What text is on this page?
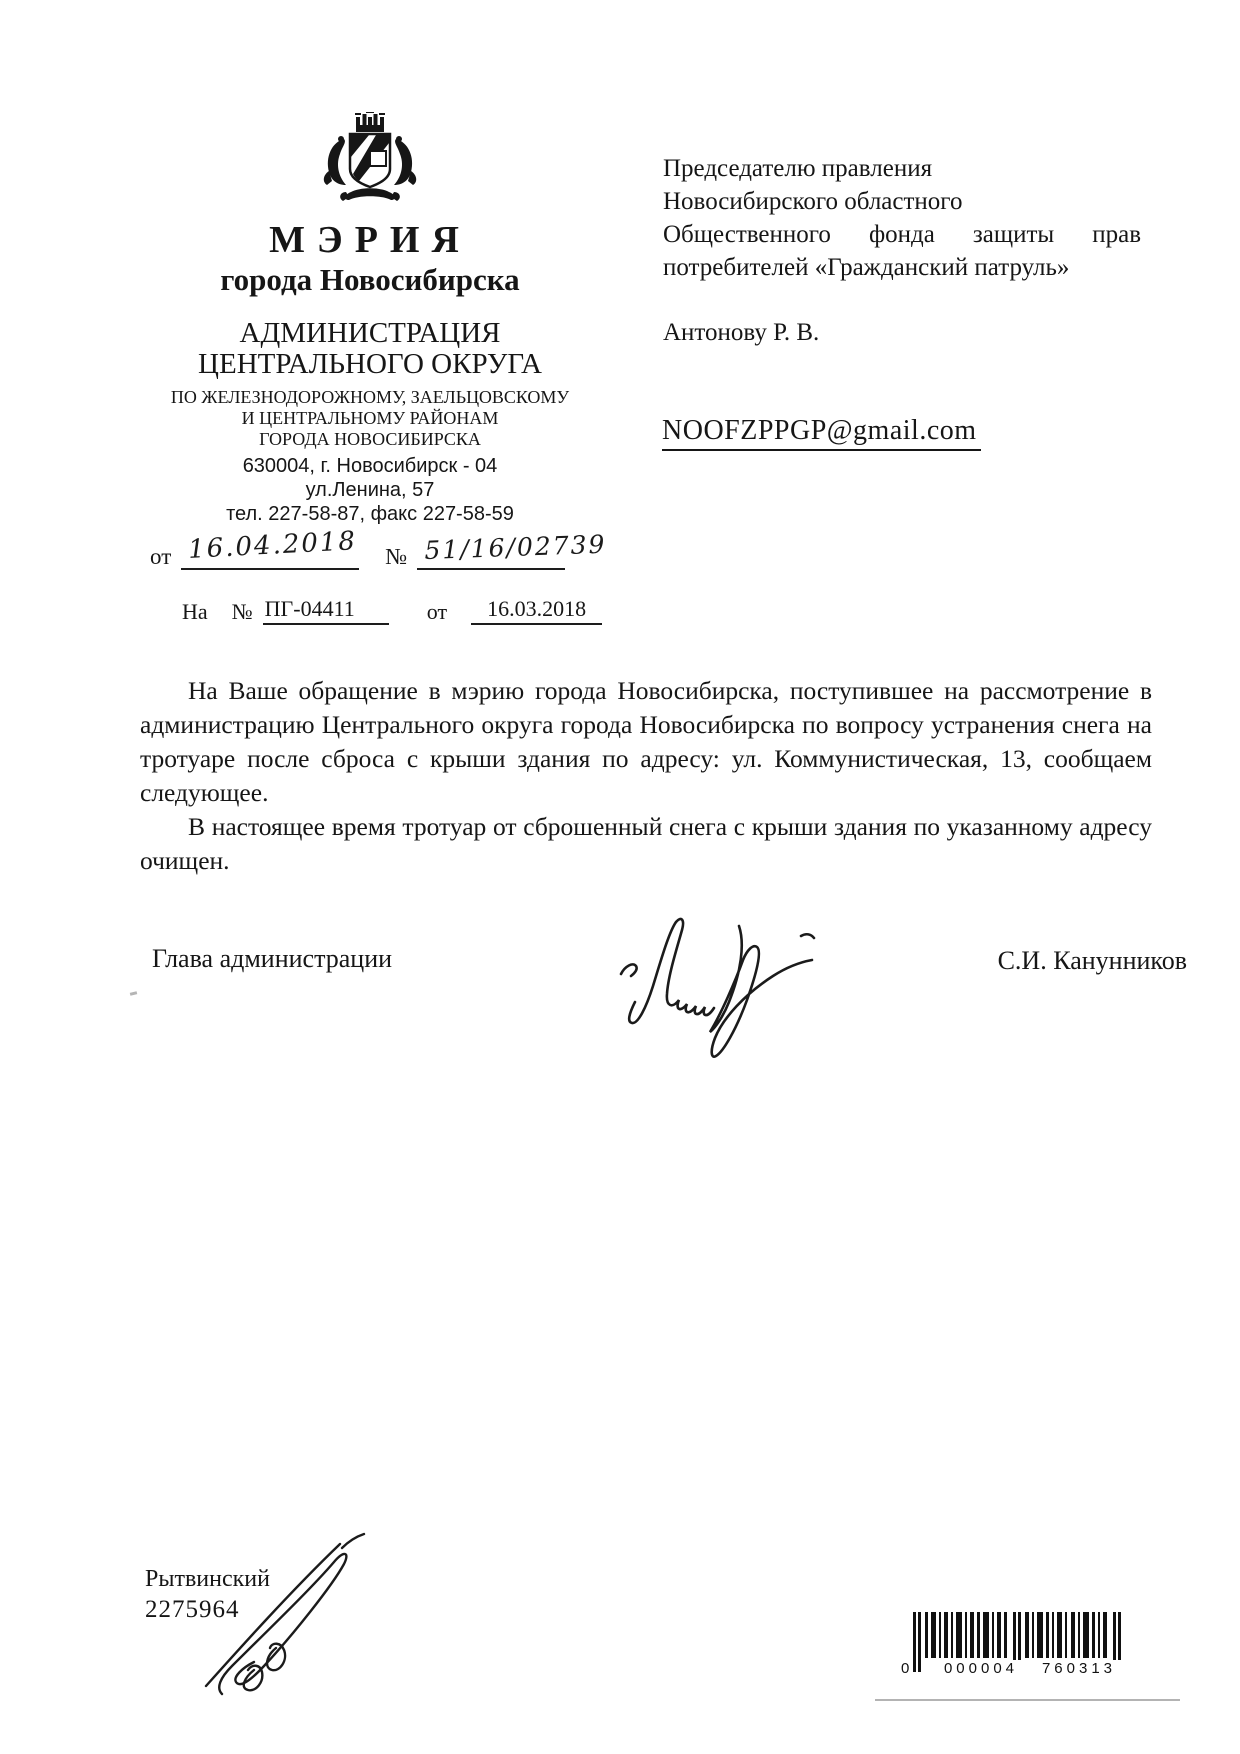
МЭРИЯ
города Новосибирска
АДМИНИСТРАЦИЯ
ЦЕНТРАЛЬНОГО ОКРУГА
ПО ЖЕЛЕЗНОДОРОЖНОМУ, ЗАЕЛЬЦОВСКОМУ
И ЦЕНТРАЛЬНОМУ РАЙОНАМ
ГОРОДА НОВОСИБИРСКА
630004, г. Новосибирск - 04
ул.Ленина, 57
тел. 227-58-87, факс 227-58-59
от 16.04.2018 № 51/16/02739
На № ПГ-04411	от	16.03.2018
Председателю правления
Новосибирского областного
Общественного фонда защиты прав
потребителей «Гражданский патруль»
Антонову Р. В.
NOOFZPPGP@gmail.com

На Ваше обращение в мэрию города Новосибирска, поступившее на рассмотрение в администрацию Центрального округа города Новосибирска по вопросу устранения снега на тротуаре после сброса с крыши здания по адресу: ул. Коммунистическая, 13, сообщаем следующее.

В настоящее время тротуар от сброшенный снега с крыши здания по указанному адресу очищен.

Глава администрации	С.И. Канунников
Рытвинский
2275964
0	000004	760313
